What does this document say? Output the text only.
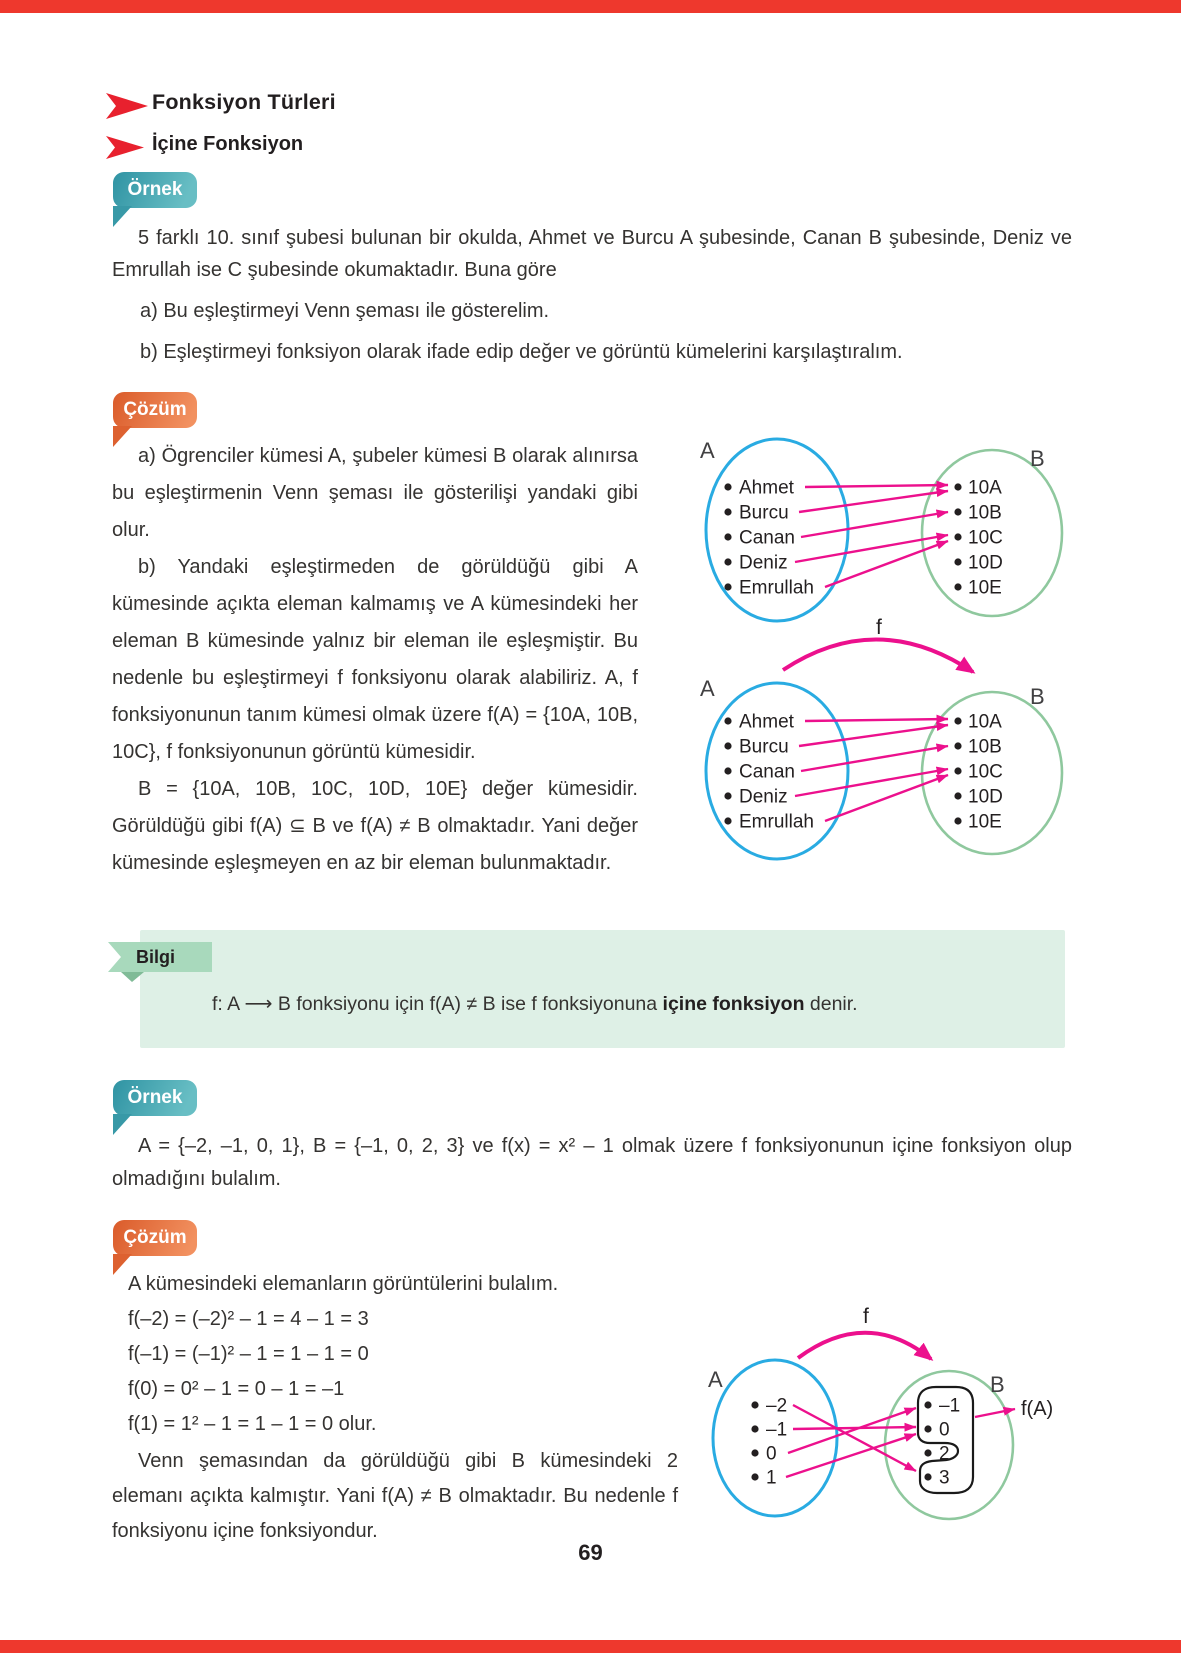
Fonksiyon Türleri
İçine Fonksiyon
Örnek

5 farklı 10. sınıf şubesi bulunan bir okulda, Ahmet ve Burcu A şubesinde, Canan B şubesinde, Deniz ve Emrullah ise C şubesinde okumaktadır. Buna göre

a) Bu eşleştirmeyi Venn şeması ile gösterelim.
b) Eşleştirmeyi fonksiyon olarak ifade edip değer ve görüntü kümelerini karşılaştıralım.
Çözüm

a) Ögrenciler kümesi A, şubeler kümesi B olarak alınırsa bu eşleştirmenin Venn şeması ile gösterilişi yandaki gibi olur.

b) Yandaki eşleştirmeden de görüldüğü gibi A kümesinde açıkta eleman kalmamış ve A kümesindeki her eleman B kümesinde yalnız bir eleman ile eşleşmiştir. Bu nedenle bu eşleştirmeyi f fonksiyonu olarak alabiliriz. A, f fonksiyonunun tanım kümesi olmak üzere f(A) = {10A, 10B, 10C}, f fonksiyonunun görüntü kümesidir.

B = {10A, 10B, 10C, 10D, 10E} değer kümesidir. Görüldüğü gibi f(A) ⊆ B ve f(A) ≠ B olmaktadır. Yani değer kümesinde eşleşmeyen en az bir eleman bulunmaktadır.

A	B
Ahmet
Burcu
Canan
Deniz
Emrullah
10A
10B
10C
10D
10E
f
A	B
Ahmet
Burcu
Canan
Deniz
Emrullah
10A
10B
10C
10D
10E
Bilgi
f: A ⟶ B fonksiyonu için f(A) ≠ B ise f fonksiyonuna içine fonksiyon denir.
Örnek

A = {–2, –1, 0, 1}, B = {–1, 0, 2, 3} ve f(x) = x² – 1 olmak üzere f fonksiyonunun içine fonksiyon olup olmadığını bulalım.

Çözüm
A kümesindeki elemanların görüntülerini bulalım.
f(–2) = (–2)² – 1 = 4 – 1 = 3
f(–1) = (–1)² – 1 = 1 – 1 = 0
f(0) = 0² – 1 = 0 – 1 = –1
f(1) = 1² – 1 = 1 – 1 = 0 olur.

Venn şemasından da görüldüğü gibi B kümesindeki 2 elemanı açıkta kalmıştır. Yani f(A) ≠ B olmaktadır. Bu nedenle f fonksiyonu içine fonksiyondur.

f
A	B
–2
–1
0
1
–1
0
2
3
f(A)
69
